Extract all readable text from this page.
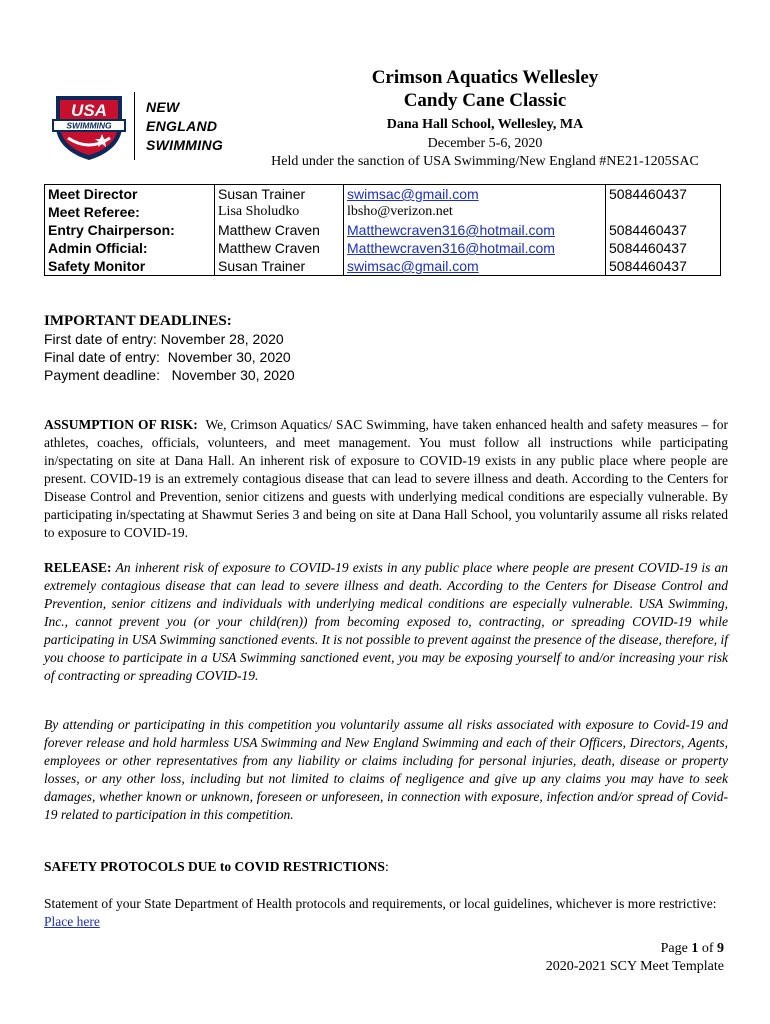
USA
SWIMMING
NEW
ENGLAND
SWIMMING
Crimson Aquatics Wellesley
Candy Cane Classic
Dana Hall School, Wellesley, MA
December 5-6, 2020
Held under the sanction of USA Swimming/New England #NE21-1205SAC
Meet Director	Susan Trainer	swimsac@gmail.com	5084460437
Meet Referee:	Lisa Sholudko	lbsho@verizon.net	
Entry Chairperson:	Matthew Craven	Matthewcraven316@hotmail.com	5084460437
Admin Official:	Matthew Craven	Matthewcraven316@hotmail.com	5084460437
Safety Monitor	Susan Trainer	swimsac@gmail.com	5084460437
IMPORTANT DEADLINES:
First date of entry: November 28, 2020
Final date of entry:  November 30, 2020
Payment deadline:   November 30, 2020
ASSUMPTION OF RISK: We, Crimson Aquatics/ SAC Swimming, have taken enhanced health and safety measures – for athletes, coaches, officials, volunteers, and meet management. You must follow all instructions while participating in/spectating on site at Dana Hall. An inherent risk of exposure to COVID-19 exists in any public place where people are present. COVID-19 is an extremely contagious disease that can lead to severe illness and death. According to the Centers for Disease Control and Prevention, senior citizens and guests with underlying medical conditions are especially vulnerable. By participating in/spectating at Shawmut Series 3 and being on site at Dana Hall School, you voluntarily assume all risks related to exposure to COVID-19.
RELEASE: An inherent risk of exposure to COVID-19 exists in any public place where people are present COVID-19 is an extremely contagious disease that can lead to severe illness and death. According to the Centers for Disease Control and Prevention, senior citizens and individuals with underlying medical conditions are especially vulnerable. USA Swimming, Inc., cannot prevent you (or your child(ren)) from becoming exposed to, contracting, or spreading COVID-19 while participating in USA Swimming sanctioned events. It is not possible to prevent against the presence of the disease, therefore, if you choose to participate in a USA Swimming sanctioned event, you may be exposing yourself to and/or increasing your risk of contracting or spreading COVID-19.
By attending or participating in this competition you voluntarily assume all risks associated with exposure to Covid-19 and forever release and hold harmless USA Swimming and New England Swimming and each of their Officers, Directors, Agents, employees or other representatives from any liability or claims including for personal injuries, death, disease or property losses, or any other loss, including but not limited to claims of negligence and give up any claims you may have to seek damages, whether known or unknown, foreseen or unforeseen, in connection with exposure, infection and/or spread of Covid-19 related to participation in this competition.
SAFETY PROTOCOLS DUE to COVID RESTRICTIONS:
Statement of your State Department of Health protocols and requirements, or local guidelines, whichever is more restrictive:  Place here
Page 1 of 9
2020-2021 SCY Meet Template
